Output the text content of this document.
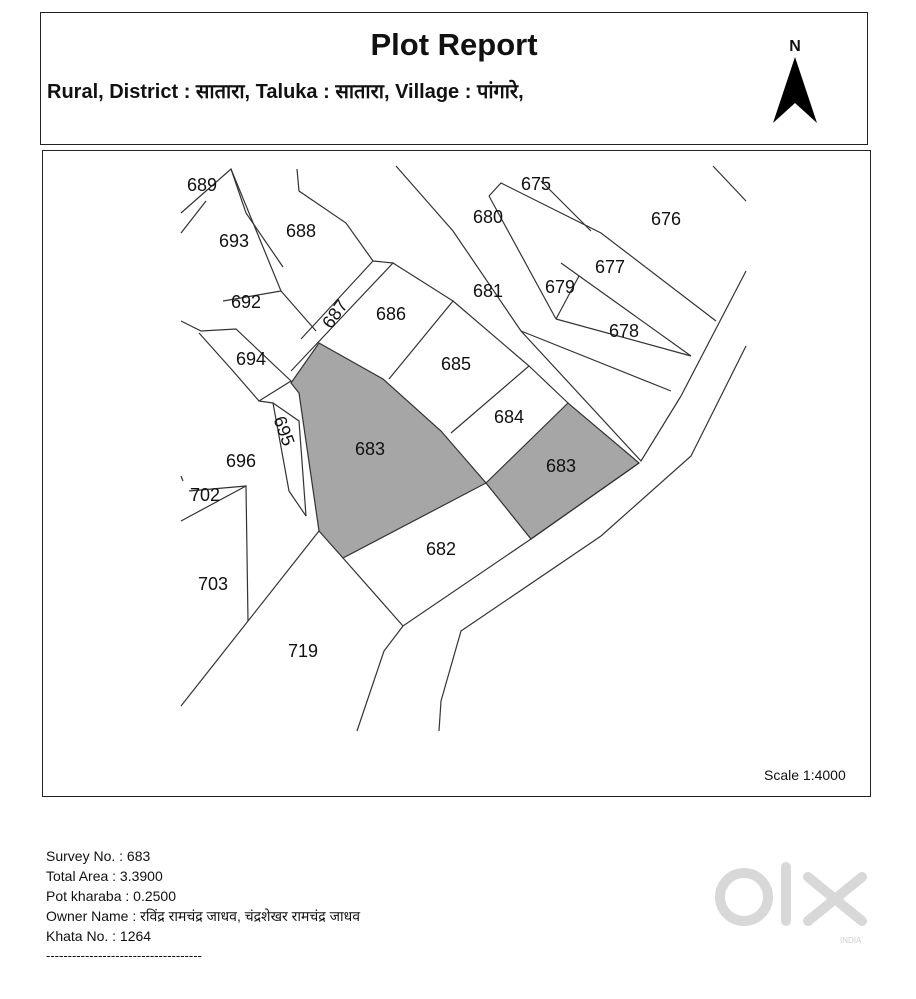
Plot Report
Rural, District : सातारा, Taluka : सातारा, Village : पांगारे,
N
689	675
676
680
693 688
677
692
681 679
687 686
678
694	685
684
695
683
683
696
702
682
703
719
Scale 1:4000
Survey No. : 683
Total Area : 3.3900
Pot kharaba : 0.2500
Owner Name : रविंद्र रामचंद्र जाधव, चंद्रशेखर रामचंद्र जाधव
Khata No. : 1264
------------------------------------
INDIA
